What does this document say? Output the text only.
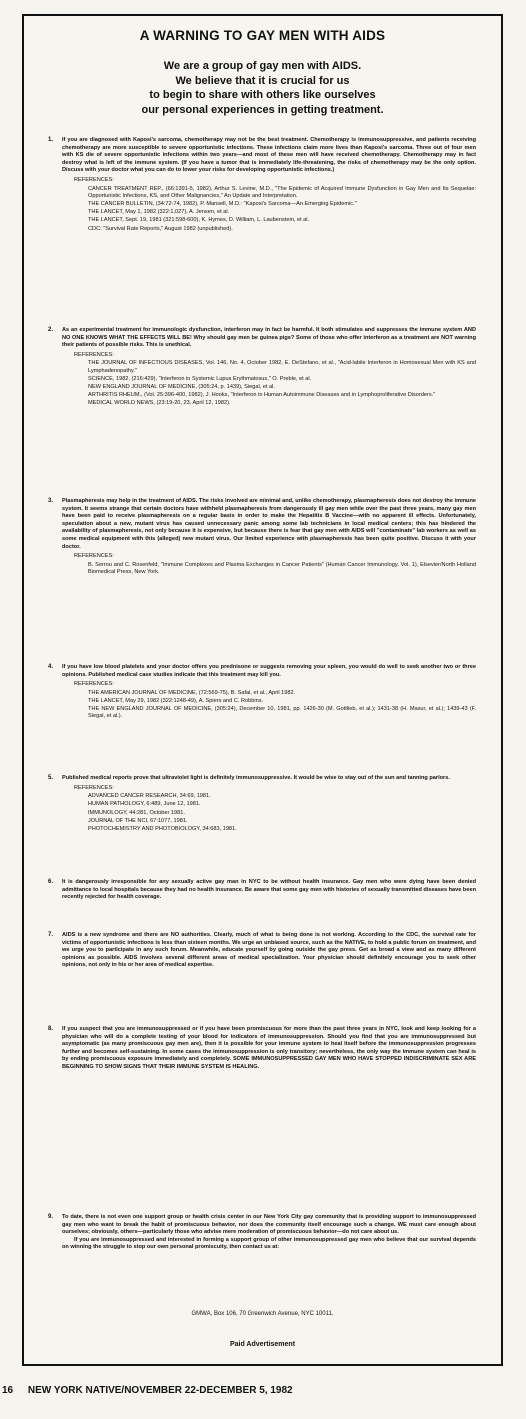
A WARNING TO GAY MEN WITH AIDS
We are a group of gay men with AIDS.
We believe that it is crucial for us
to begin to share with others like ourselves
our personal experiences in getting treatment.
1. If you are diagnosed with Kaposi's sarcoma, chemotherapy may not be the best treatment. Chemotherapy is immunosuppressive, and patients receiving chemotherapy are more susceptible to severe opportunistic infections. These infections claim more lives than Kaposi's sarcoma. Three out of four men with KS die of severe opportunistic infections within two years—and most of these men will have received chemotherapy. Chemotherapy may in fact destroy what is left of the immune system. (If you have a tumor that is immediately life-threatening, the risks of chemotherapy may be the only option. Discuss with your doctor what you can do to lower your risks for developing opportunistic infections.)
REFERENCES:
CANCER TREATMENT REP., (66:1391-5, 1982), Arthur S. Levine, M.D., "The Epidemic of Acquired Immune Dysfunction in Gay Men and Its Sequelae: Opportunistic Infections, KS, and Other Malignancies," An Update and Interpretation.
THE CANCER BULLETIN, (34:72-74, 1982), P. Mansell, M.D.: "Kaposi's Sarcoma—An Emerging Epidemic."
THE LANCET, May 1, 1982 (322:1,027), A. Jensen, et al.
THE LANCET, Sept. 19, 1981 (321:598-600), K. Hymes, D. William, L. Laubenstein, et al.
CDC: "Survival Rate Reports," August 1982 (unpublished).
2. As an experimental treatment for immunologic dysfunction, interferon may in fact be harmful. It both stimulates and suppresses the immune system AND NO ONE KNOWS WHAT THE EFFECTS WILL BE! Why should gay men be guinea pigs? Some of those who offer interferon as a treatment are NOT warning their patients of possible risks. This is unethical.
REFERENCES:
THE JOURNAL OF INFECTIOUS DISEASES, Vol. 146, No. 4, October 1982, E. DeStefano, et al., "Acid-labile Interferon in Homosexual Men with KS and Lymphadenopathy."
SCIENCE, 1982, (216:429), "Interferon in Systemic Lupus Erythmatosus," O. Preble, et al.
NEW ENGLAND JOURNAL OF MEDICINE, (305:24, p. 1439), Siegal, et al.
ARTHRITIS RHEUM., (Vol. 25:396-400, 1982), J. Hooks, "Interferon in Human Autoimmune Diseases and in Lymphoproliferative Disorders."
MEDICAL WORLD NEWS, (23:19-20, 23, April 12, 1982).
3. Plasmapheresis may help in the treatment of AIDS. The risks involved are minimal and, unlike chemotherapy, plasmapheresis does not destroy the immune system. It seems strange that certain doctors have withheld plasmapheresis from dangerously ill gay men while over the past three years, many gay men have been paid to receive plasmapheresis on a regular basis in order to make the Hepatitis B Vaccine—with no apparent ill effects. Unfortunately, speculation about a new, mutant virus has caused unnecessary panic among some lab technicians in local medical centers; this has hindered the availability of plasmapheresis, not only because it is expensive, but because there is fear that gay men with AIDS will "contaminate" lab workers as well as some medical equipment with this (alleged) new mutant virus. Our limited experience with plasmapheresis has been quite positive. Discuss it with your doctor.
REFERENCES:
B. Serrou and C. Rosenfeld, "Immune Complexes and Plasma Exchanges in Cancer Patients" (Human Cancer Immunology, Vol. 1), Elsevier/North Holland Biomedical Press, New York.
4. If you have low blood platelets and your doctor offers you prednisone or suggests removing your spleen, you would do well to seek another two or three opinions. Published medical case studies indicate that this treatment may kill you.
REFERENCES:
THE AMERICAN JOURNAL OF MEDICINE, (72:569-75), B. Safai, et al., April 1982.
THE LANCET, May 29, 1982 (322:1248-49), A. Spiers and C. Robbins.
THE NEW ENGLAND JOURNAL OF MEDICINE, (305:24), December 10, 1981, pp. 1426-30 (M. Gottlieb, et al.); 1431-38 (H. Masur, et al.); 1439-43 (F. Siegal, et al.).
5. Published medical reports prove that ultraviolet light is definitely immunosuppressive. It would be wise to stay out of the sun and tanning parlors.
REFERENCES:
ADVANCED CANCER RESEARCH, 34:69, 1981.
HUMAN PATHOLOGY, 6:489, June 12, 1981.
IMMUNOLOGY, 44:281, October 1981.
JOURNAL OF THE NCI, 67:1077, 1981.
PHOTOCHEMISTRY AND PHOTOBIOLOGY, 34:683, 1981.
6. It is dangerously irresponsible for any sexually active gay man in NYC to be without health insurance. Gay men who were dying have been denied admittance to local hospitals because they had no health insurance. Be aware that some gay men with histories of sexually transmitted diseases have been recently rejected for health coverage.
7. AIDS is a new syndrome and there are NO authorities. Clearly, much of what is being done is not working. According to the CDC, the survival rate for victims of opportunistic infections is less than sixteen months. We urge an unbiased source, such as the NATIVE, to hold a public forum on treatment, and we urge you to participate in any such forum. Meanwhile, educate yourself by going outside the gay press. Get as broad a view and as many different opinions as possible. AIDS involves several different areas of medical specialization. Your physician should definitely encourage you to seek other opinions, not only in his or her area of medical expertise.
8. If you suspect that you are immunosuppressed or if you have been promiscuous for more than the past three years in NYC, look and keep looking for a physician who will do a complete testing of your blood for indicators of immunosuppression. Should you find that you are immunosuppressed but asymptomatic (as many promiscuous gay men are), then it is possible for your immune system to heal itself before the immunosuppression progresses further and becomes self-sustaining. In some cases the immunosuppression is only transitory; nevertheless, the only way the immune system can heal is by ending promiscuous exposure immediately and completely. SOME IMMUNOSUPPRESSED GAY MEN WHO HAVE STOPPED INDISCRIMINATE SEX ARE BEGINNING TO SHOW SIGNS THAT THEIR IMMUNE SYSTEM IS HEALING.
9. To date, there is not even one support group or health crisis center in our New York City gay community that is providing support to immunosuppressed gay men who want to break the habit of promiscuous behavior, nor does the community itself encourage such a change. WE must care enough about ourselves; obviously, others—particularly those who advise mere moderation of promiscuous behavior—do not care about us.
If you are immunosuppressed and interested in forming a support group of other immunosuppressed gay men who believe that our survival depends on winning the struggle to stop our own personal promiscuity, then contact us at:
GMWA, Box 106, 70 Greenwich Avenue, NYC 10011.
Paid Advertisement
16 NEW YORK NATIVE/NOVEMBER 22-DECEMBER 5, 1982
